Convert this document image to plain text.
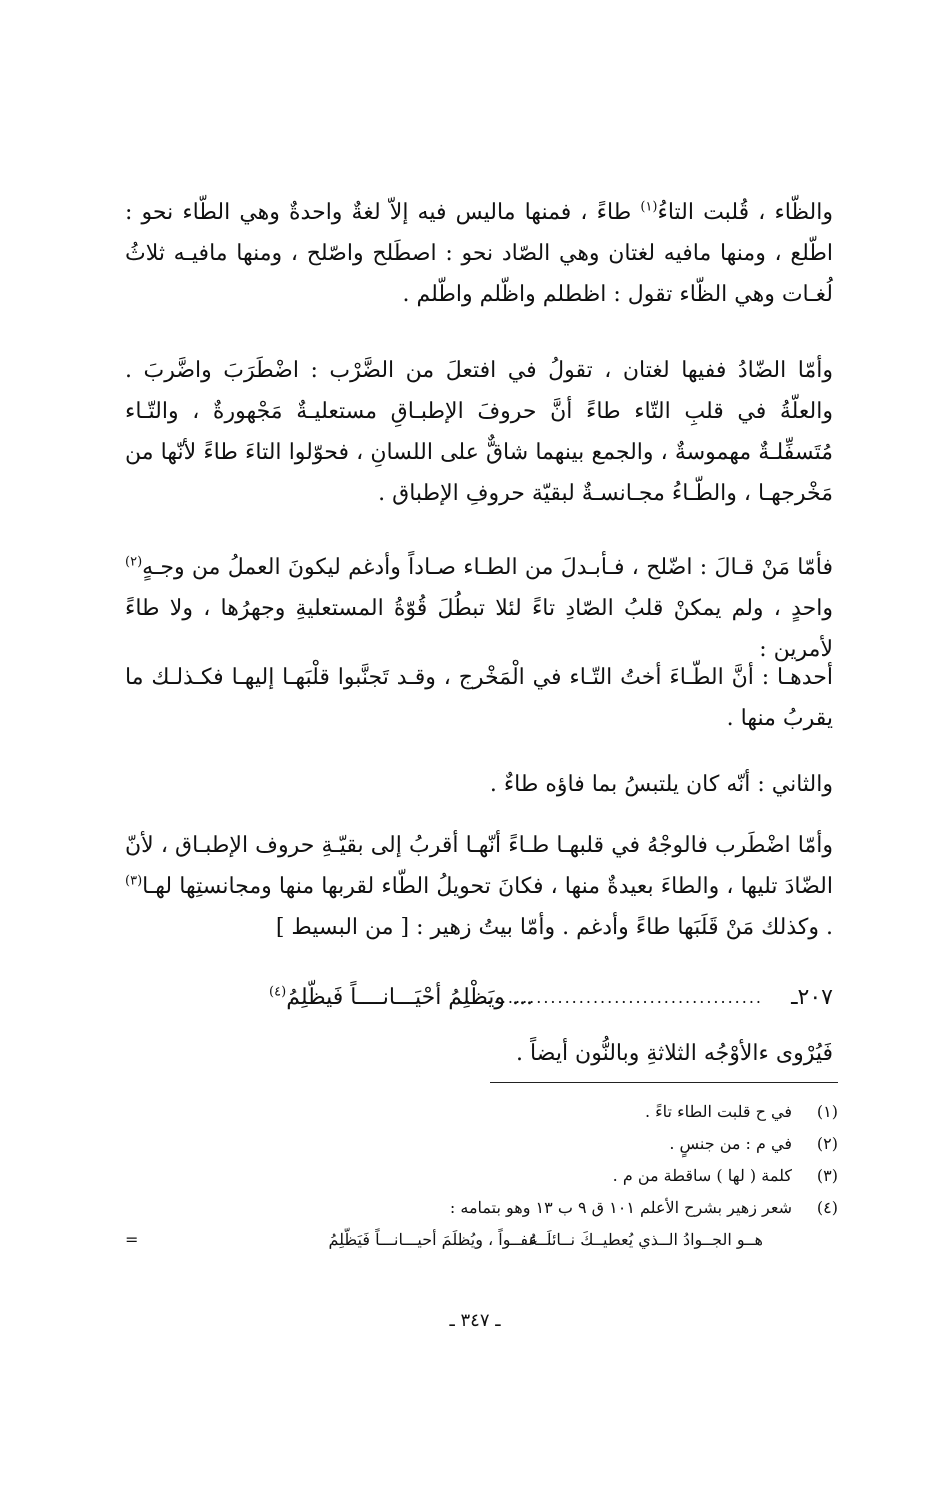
والظّاء ، قُلبت التاءُ$^{(١)}$ طاءً ، فمنها ماليس فيه إلاّ لغةٌ واحدةٌ وهي الطّاء نحو : اطّلع ، ومنها مافيه لغتان وهي الصّاد نحو : اصطَلح واصّلح ، ومنها مافيـه ثلاثُ لُغـات وهي الظّاء تقول : اظطلم واظّلم واطّلم .

وأمّا الضّادُ ففيها لغتان ، تقولُ في افتعلَ من الضَّرْب : اضْطَرَبَ واضَّربَ . والعلّةُ في قلبِ التّاء طاءً أنَّ حروفَ الإطبـاقِ مستعليـةٌ مَجْهورةٌ ، والتّـاء مُتَسفِّلـةٌ مهموسةٌ ، والجمع بينهما شاقٌّ على اللسانِ ، فحوّلوا التاءَ طاءً لأنّها من مَخْرجهـا ، والطّـاءُ مجـانسـةٌ لبقيّة حروفِ الإطباق .

فأمّا مَنْ قـالَ : اضّلح ، فـأبـدلَ من الطـاء صـاداً وأدغم ليكونَ العملُ من وجـهٍ$^{(٢)}$ واحدٍ ، ولم يمكنْ قلبُ الصّادِ تاءً لئلا تبطُلَ قُوّةُ المستعليةِ وجهرُها ، ولا طاءً لأمرين :

أحدهـا : أنَّ الطّـاءَ أختُ التّـاء في الْمَخْرج ، وقـد تَجنَّبوا قلْبَهـا إليهـا فكـذلـك ما يقربُ منها .

والثاني : أنّه كان يلتبسُ بما فاؤه طاءٌ .

وأمّا اضْطَرب فالوجْهُ في قلبهـا طـاءً أنّهـا أقربُ إلى بقيّـةِ حروف الإطبـاق ، لأنّ الضّادَ تليها ، والطاءَ بعيدةٌ منها ، فكانَ تحويلُ الطّاء لقربها منها ومجانستِها لهـا$^{(٣)}$ . وكذلك مَنْ قَلَبَها طاءً وأدغم . وأمّا بيتُ زهير : [ من البسيط ]

٢٠٧ـ
............................................
... ويَظْلِمُ أحْيَـــانــــاً فَيظّلِمُ$^{(٤)}$

فَيُرْوى ءالأوْجُه الثلاثةِ وبالنُّون أيضاً .

(١)
في ح قلبت الطاء تاءً .
(٢)
في م : من جنسٍ .
(٣)
كلمة ( لها ) ساقطة من م .
(٤)
شعر زهير بشرح الأعلم ١٠١ ق ٩ ب ١٣ وهو بتمامه :
هــو الجــوادُ الــذي يُعطيــكَ نــائلَــهُ
عفــواً ، ويُظلَمَ أحيـــانـــاً فَيَظّلِمُ
=
ـ ٣٤٧ ـ
